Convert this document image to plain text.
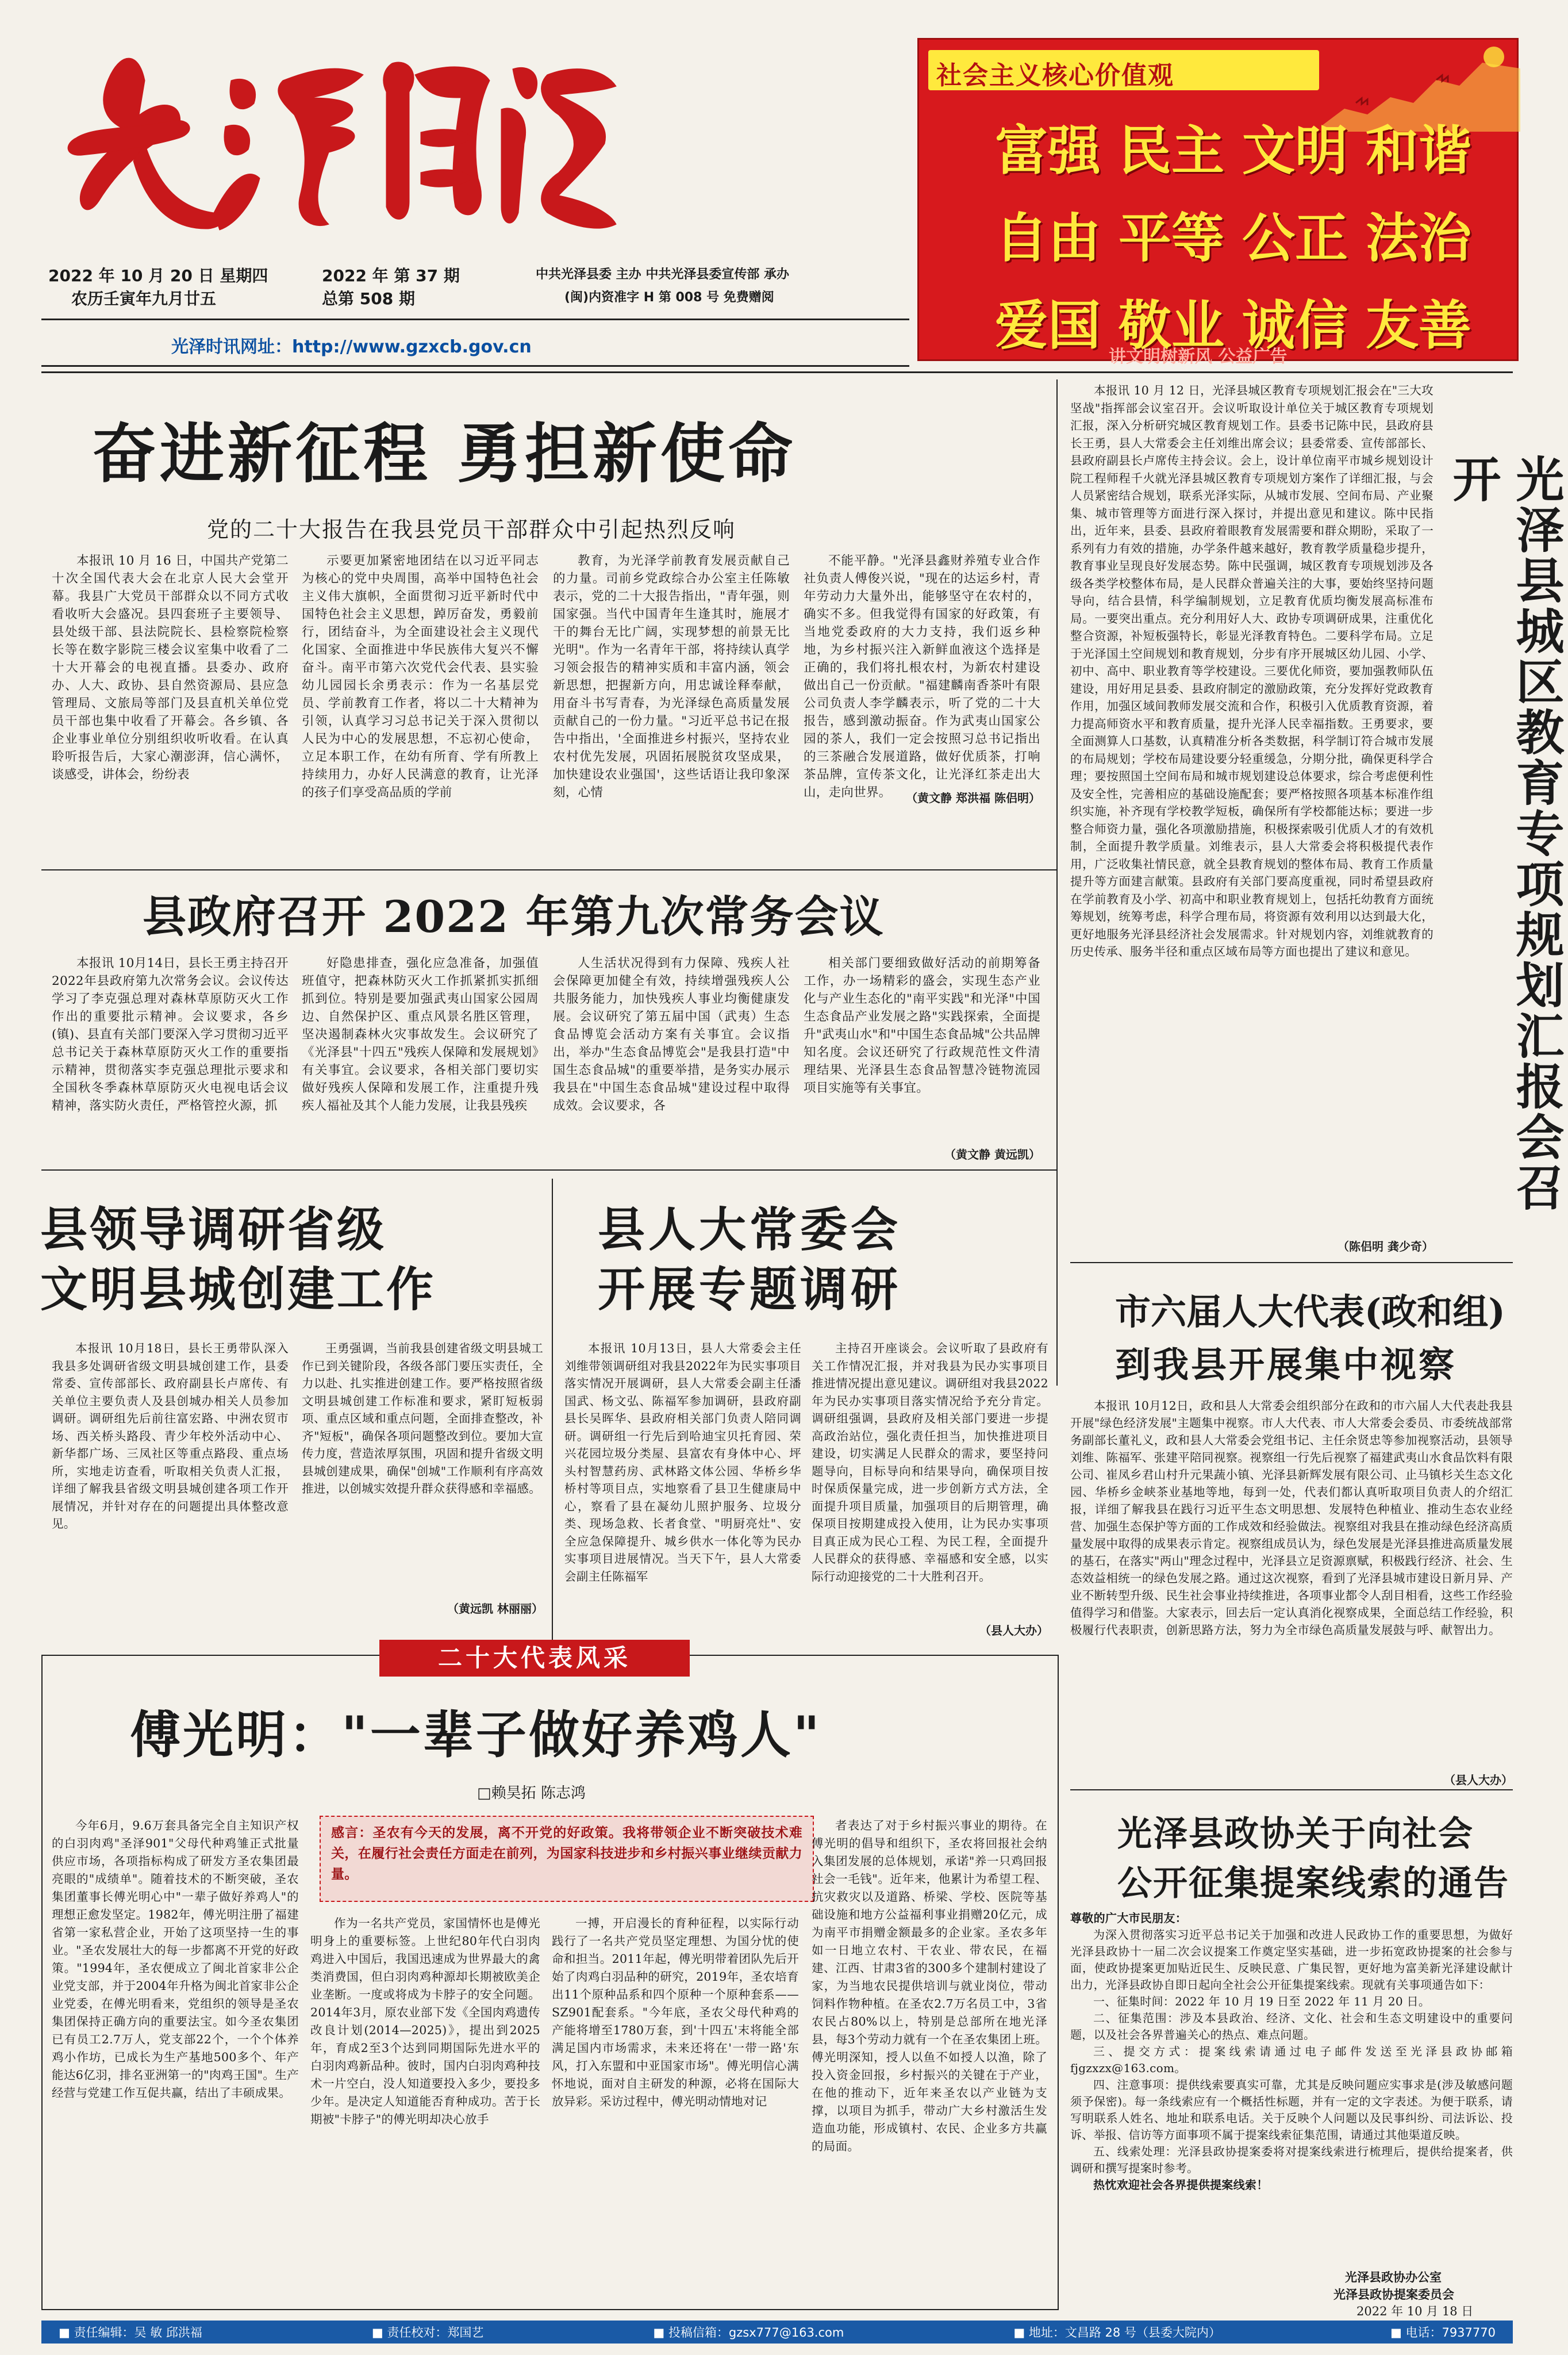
2022 年 10 月 20 日 星期四
农历壬寅年九月廿五
2022 年 第 37 期
总第 508 期
中共光泽县委 主办 中共光泽县委宣传部 承办
(闽)内资准字 H 第 008 号 免费赠阅
光泽时讯网址：http://www.gzxcb.gov.cn
社会主义核心价值观
富强 民主 文明 和谐
自由 平等 公正 法治
爱国 敬业 诚信 友善
讲文明树新风 公益广告
奋进新征程 勇担新使命
党的二十大报告在我县党员干部群众中引起热烈反响

本报讯 10 月 16 日，中国共产党第二十次全国代表大会在北京人民大会堂开幕。我县广大党员干部群众以不同方式收看收听大会盛况。县四套班子主要领导、县处级干部、县法院院长、县检察院检察长等在数字影院三楼会议室集中收看了二十大开幕会的电视直播。县委办、政府办、人大、政协、县自然资源局、县应急管理局、文旅局等部门及县直机关单位党员干部也集中收看了开幕会。各乡镇、各企业事业单位分别组织收听收看。在认真聆听报告后，大家心潮澎湃，信心满怀，谈感受，讲体会，纷纷表

示要更加紧密地团结在以习近平同志为核心的党中央周围，高举中国特色社会主义伟大旗帜，全面贯彻习近平新时代中国特色社会主义思想，踔厉奋发，勇毅前行，团结奋斗，为全面建设社会主义现代化国家、全面推进中华民族伟大复兴不懈奋斗。南平市第六次党代会代表、县实验幼儿园园长余勇表示：作为一名基层党员、学前教育工作者，将以二十大精神为引领，认真学习习总书记关于深入贯彻以人民为中心的发展思想，不忘初心使命，立足本职工作，在幼有所育、学有所教上持续用力，办好人民满意的教育，让光泽的孩子们享受高品质的学前

教育，为光泽学前教育发展贡献自己的力量。司前乡党政综合办公室主任陈敏表示，党的二十大报告指出，"青年强，则国家强。当代中国青年生逢其时，施展才干的舞台无比广阔，实现梦想的前景无比光明"。作为一名青年干部，将持续认真学习领会报告的精神实质和丰富内涵，领会新思想，把握新方向，用忠诚诠释奉献，用奋斗书写青春，为光泽绿色高质量发展贡献自己的一份力量。"习近平总书记在报告中指出，'全面推进乡村振兴，坚持农业农村优先发展，巩固拓展脱贫攻坚成果，加快建设农业强国'，这些话语让我印象深刻，心情

不能平静。"光泽县鑫财养殖专业合作社负责人傅俊兴说，"现在的达运乡村，青年劳动力大量外出，能够坚守在农村的，确实不多。但我觉得有国家的好政策，有当地党委政府的大力支持，我们返乡种地，为乡村振兴注入新鲜血液这个选择是正确的，我们将扎根农村，为新农村建设做出自己一份贡献。"福建麟南香茶叶有限公司负责人李学麟表示，听了党的二十大报告，感到激动振奋。作为武夷山国家公园的茶人，我们一定会按照习总书记指出的三茶融合发展道路，做好优质茶，打响茶品牌，宣传茶文化，让光泽红茶走出大山，走向世界。	（黄文静 郑洪福 陈侣明）

本报讯 10 月 12 日，光泽县城区教育专项规划汇报会在"三大攻坚战"指挥部会议室召开。会议听取设计单位关于城区教育专项规划汇报，深入分析研究城区教育规划工作。县委书记陈中民，县政府县长王勇，县人大常委会主任刘维出席会议；县委常委、宣传部部长、县政府副县长卢席传主持会议。会上，设计单位南平市城乡规划设计院工程师程千火就光泽县城区教育专项规划方案作了详细汇报，与会人员紧密结合规划，联系光泽实际，从城市发展、空间布局、产业聚集、城市管理等方面进行深入探讨，并提出意见和建议。陈中民指出，近年来，县委、县政府着眼教育发展需要和群众期盼，采取了一系列有力有效的措施，办学条件越来越好，教育教学质量稳步提升，教育事业呈现良好发展态势。陈中民强调，城区教育专项规划涉及各级各类学校整体布局，是人民群众普遍关注的大事，要始终坚持问题导向，结合县情，科学编制规划，立足教育优质均衡发展高标准布局。一要突出重点。充分利用好人大、政协专项调研成果，注重优化整合资源，补短板强特长，彰显光泽教育特色。二要科学布局。立足于光泽国土空间规划和教育规划，分步有序开展城区幼儿园、小学、初中、高中、职业教育等学校建设。三要优化师资，要加强教师队伍建设，用好用足县委、县政府制定的激励政策，充分发挥好党政教育作用，加强区域间教师发展交流和合作，积极引入优质教育资源，着力提高师资水平和教育质量，提升光泽人民幸福指数。王勇要求，要全面测算人口基数，认真精准分析各类数据，科学制订符合城市发展的布局规划；学校布局建设要分轻重缓急，分期分批，确保更科学合理；要按照国土空间布局和城市规划建设总体要求，综合考虑便利性及安全性，完善相应的基础设施配套；要严格按照各项基本标准作组织实施，补齐现有学校教学短板，确保所有学校都能达标；要进一步整合师资力量，强化各项激励措施，积极探索吸引优质人才的有效机制，全面提升教学质量。刘维表示，县人大常委会将积极提代表作用，广泛收集社情民意，就全县教育规划的整体布局、教育工作质量提升等方面建言献策。县政府有关部门要高度重视，同时希望县政府在学前教育及小学、初高中和职业教育规划上，包括托幼教育方面统筹规划，统筹考虑，科学合理布局，将资源有效利用以达到最大化，更好地服务光泽县经济社会发展需求。针对规划内容，刘维就教育的历史传承、服务半径和重点区域布局等方面也提出了建议和意见。

（陈侣明 龚少奇）
光泽县城区教育专项规划汇报会召开
县政府召开 2022 年第九次常务会议

本报讯 10月14日，县长王勇主持召开2022年县政府第九次常务会议。会议传达学习了李克强总理对森林草原防灭火工作作出的重要批示精神。会议要求，各乡(镇)、县直有关部门要深入学习贯彻习近平总书记关于森林草原防灭火工作的重要指示精神，贯彻落实李克强总理批示要求和全国秋冬季森林草原防灭火电视电话会议精神，落实防火责任，严格管控火源，抓

好隐患排查，强化应急准备，加强值班值守，把森林防灭火工作抓紧抓实抓细抓到位。特别是要加强武夷山国家公园周边、自然保护区、重点风景名胜区管理，坚决遏制森林火灾事故发生。会议研究了《光泽县"十四五"残疾人保障和发展规划》有关事宜。会议要求，各相关部门要切实做好残疾人保障和发展工作，注重提升残疾人福祉及其个人能力发展，让我县残疾

人生活状况得到有力保障、残疾人社会保障更加健全有效，持续增强残疾人公共服务能力，加快残疾人事业均衡健康发展。会议研究了第五届中国（武夷）生态食品博览会活动方案有关事宜。会议指出，举办"生态食品博览会"是我县打造"中国生态食品城"的重要举措，是务实办展示我县在"中国生态食品城"建设过程中取得成效。会议要求，各

相关部门要细致做好活动的前期筹备工作，办一场精彩的盛会，实现生态产业化与产业生态化的"南平实践"和光泽"中国生态食品产业发展之路"实践探索，全面提升"武夷山水"和"中国生态食品城"公共品牌知名度。会议还研究了行政规范性文件清理结果、光泽县生态食品智慧冷链物流园项目实施等有关事宜。

（黄文静 黄远凯）
县领导调研省级
文明县城创建工作

本报讯 10月18日，县长王勇带队深入我县多处调研省级文明县城创建工作，县委常委、宣传部部长、政府副县长卢席传、有关单位主要负责人及县创城办相关人员参加调研。调研组先后前往富宏路、中洲农贸市场、西关桥头路段、青少年校外活动中心、新华都广场、三凤社区等重点路段、重点场所，实地走访查看，听取相关负责人汇报，详细了解我县省级文明县城创建各项工作开展情况，并针对存在的问题提出具体整改意见。

王勇强调，当前我县创建省级文明县城工作已到关键阶段，各级各部门要压实责任，全力以赴、扎实推进创建工作。要严格按照省级文明县城创建工作标准和要求，紧盯短板弱项、重点区域和重点问题，全面排查整改，补齐"短板"，确保各项问题整改到位。要加大宣传力度，营造浓厚氛围，巩固和提升省级文明县城创建成果，确保"创城"工作顺利有序高效推进，以创城实效提升群众获得感和幸福感。

（黄远凯 林丽丽）
县人大常委会
开展专题调研

本报讯 10月13日，县人大常委会主任刘维带领调研组对我县2022年为民实事项目落实情况开展调研，县人大常委会副主任潘国武、杨文弘、陈福军参加调研，县政府副县长吴晖华、县政府相关部门负责人陪同调研。调研组一行先后到哈迪宝贝托育园、荣兴花园垃圾分类屋、县富农有身体中心、坪头村智慧药房、武林路文体公园、华桥乡华桥村等项目点，实地察看了县卫生健康局中心，察看了县在凝幼儿照护服务、垃圾分类、现场急救、长者食堂、"明厨亮灶"、安全应急保障提升、城乡供水一体化等为民办实事项目进展情况。当天下午，县人大常委会副主任陈福军

主持召开座谈会。会议听取了县政府有关工作情况汇报，并对我县为民办实事项目推进情况提出意见建议。调研组对我县2022年为民办实事项目落实情况给予充分肯定。调研组强调，县政府及相关部门要进一步提高政治站位，强化责任担当，加快推进项目建设，切实满足人民群众的需求，要坚持问题导向，目标导向和结果导向，确保项目按时保质保量完成，进一步创新方式方法，全面提升项目质量，加强项目的后期管理，确保项目按期建成投入使用，让为民办实事项目真正成为民心工程、为民工程，全面提升人民群众的获得感、幸福感和安全感，以实际行动迎接党的二十大胜利召开。

（县人大办）
市六届人大代表(政和组)
到我县开展集中视察

本报讯 10月12日，政和县人大常委会组织部分在政和的市六届人大代表赴我县开展"绿色经济发展"主题集中视察。市人大代表、市人大常委会委员、市委统战部常务副部长董礼义，政和县人大常委会党组书记、主任余贤忠等参加视察活动，县领导刘维、陈福军、张建平陪同视察。视察组一行先后视察了福建武夷山水食品饮料有限公司、崔凤乡君山村升元果蔬小镇、光泽县新辉发展有限公司、止马镇杉关生态文化园、华桥乡金峡茶业基地等地，每到一处，代表们都认真听取项目负责人的介绍汇报，详细了解我县在践行习近平生态文明思想、发展特色种植业、推动生态农业经营、加强生态保护等方面的工作成效和经验做法。视察组对我县在推动绿色经济高质量发展中取得的成果表示肯定。视察组成员认为，绿色发展是光泽县推进高质量发展的基石，在落实"两山"理念过程中，光泽县立足资源禀赋，积极践行经济、社会、生态效益相统一的绿色发展之路。通过这次视察，看到了光泽县城市建设日新月异、产业不断转型升级、民生社会事业持续推进，各项事业都令人刮目相看，这些工作经验值得学习和借鉴。大家表示，回去后一定认真消化视察成果，全面总结工作经验，积极履行代表职责，创新思路方法，努力为全市绿色高质量发展鼓与呼、献智出力。

（县人大办）
二十大代表风采
傅光明："一辈子做好养鸡人"
□赖昊拓 陈志鸿
感言：圣农有今天的发展，离不开党的好政策。我将带领企业不断突破技术难关，在履行社会责任方面走在前列，为国家科技进步和乡村振兴事业继续贡献力量。

今年6月，9.6万套具备完全自主知识产权的白羽肉鸡"圣泽901"父母代种鸡雏正式批量供应市场，各项指标构成了研发方圣农集团最亮眼的"成绩单"。随着技术的不断突破，圣农集团董事长傅光明心中"一辈子做好养鸡人"的理想正愈发坚定。1982年，傅光明注册了福建省第一家私营企业，开始了这项坚持一生的事业。"圣农发展壮大的每一步都离不开党的好政策。"1994年，圣农便成立了闽北首家非公企业党支部，并于2004年升格为闽北首家非公企业党委，在傅光明看来，党组织的领导是圣农集团保持正确方向的重要法宝。如今圣农集团已有员工2.7万人，党支部22个，一个个体养鸡小作坊，已成长为生产基地500多个、年产能达6亿羽，排名亚洲第一的"肉鸡王国"。生产经营与党建工作互促共赢，结出了丰硕成果。

作为一名共产党员，家国情怀也是傅光明身上的重要标签。上世纪80年代白羽肉鸡进入中国后，我国迅速成为世界最大的禽类消费国，但白羽肉鸡种源却长期被欧美企业垄断。一度或将成为卡脖子的安全问题。2014年3月，原农业部下发《全国肉鸡遗传改良计划(2014—2025)》，提出到2025年，育成2至3个达到同期国际先进水平的白羽肉鸡新品种。彼时，国内白羽肉鸡种技术一片空白，没人知道要投入多少，要投多少年。是决定人知道能否育种成功。苦于长期被"卡脖子"的傅光明却决心放手

一搏，开启漫长的育种征程，以实际行动践行了一名共产党员坚定理想、为国分忧的使命和担当。2011年起，傅光明带着团队先后开始了肉鸡白羽品种的研究，2019年，圣农培育出11个原种品系和四个原种一个原种套系——SZ901配套系。"今年底，圣农父母代种鸡的产能将增至1780万套，到'十四五'末将能全部满足国内市场需求，未来还将在'一带一路'东风，打入东盟和中亚国家市场"。傅光明信心满怀地说，面对自主研发的种源，必将在国际大放异彩。采访过程中，傅光明动情地对记

者表达了对于乡村振兴事业的期待。在傅光明的倡导和组织下，圣农将回报社会纳入集团发展的总体规划，承诺"养一只鸡回报社会一毛钱"。近年来，他累计为希望工程、抗灾救灾以及道路、桥梁、学校、医院等基础设施和地方公益福利事业捐赠20亿元，成为南平市捐赠金额最多的企业家。圣农多年如一日地立农村、干农业、带农民，在福建、江西、甘肃3省的300多个建制村建设了家，为当地农民提供培训与就业岗位，带动饲料作物种植。在圣农2.7万名员工中，3省农民占80%以上，特别是总部所在地光泽县，每3个劳动力就有一个在圣农集团上班。傅光明深知，授人以鱼不如授人以渔，除了投入资金回报，乡村振兴的关键在于产业，在他的推动下，近年来圣农以产业链为支撑，以项目为抓手，带动广大乡村激活生发造血功能，形成镇村、农民、企业多方共赢的局面。

光泽县政协关于向社会
公开征集提案线索的通告
尊敬的广大市民朋友：

为深入贯彻落实习近平总书记关于加强和改进人民政协工作的重要思想，为做好光泽县政协十一届二次会议提案工作奠定坚实基础，进一步拓宽政协提案的社会参与面，使政协提案更加贴近民生、反映民意、广集民智，更好地为富美新光泽建设献计出力，光泽县政协自即日起向全社会公开征集提案线索。现就有关事项通告如下：

一、征集时间：2022 年 10 月 19 日至 2022 年 11 月 20 日。

二、征集范围：涉及本县政治、经济、文化、社会和生态文明建设中的重要问题，以及社会各界普遍关心的热点、难点问题。

三、提交方式：提案线索请通过电子邮件发送至光泽县政协邮箱 fjgzxzx@163.com。

四、注意事项：提供线索要真实可靠，尤其是反映问题应实事求是(涉及敏感问题须予保密)。每一条线索应有一个概括性标题，并有一定的文字表述。为便于联系，请写明联系人姓名、地址和联系电话。关于反映个人问题以及民事纠纷、司法诉讼、投诉、举报、信访等方面事项不属于提案线索征集范围，请通过其他渠道反映。

五、线索处理：光泽县政协提案委将对提案线索进行梳理后，提供给提案者，供调研和撰写提案时参考。

热忱欢迎社会各界提供提案线索！

光泽县政协办公室
光泽县政协提案委员会
2022 年 10 月 18 日
■ 责任编辑：吴 敏 邱洪福	■ 责任校对：郑国艺	■ 投稿信箱：gzsx777@163.com	■ 地址：文昌路 28 号（县委大院内）	■ 电话：7937770
